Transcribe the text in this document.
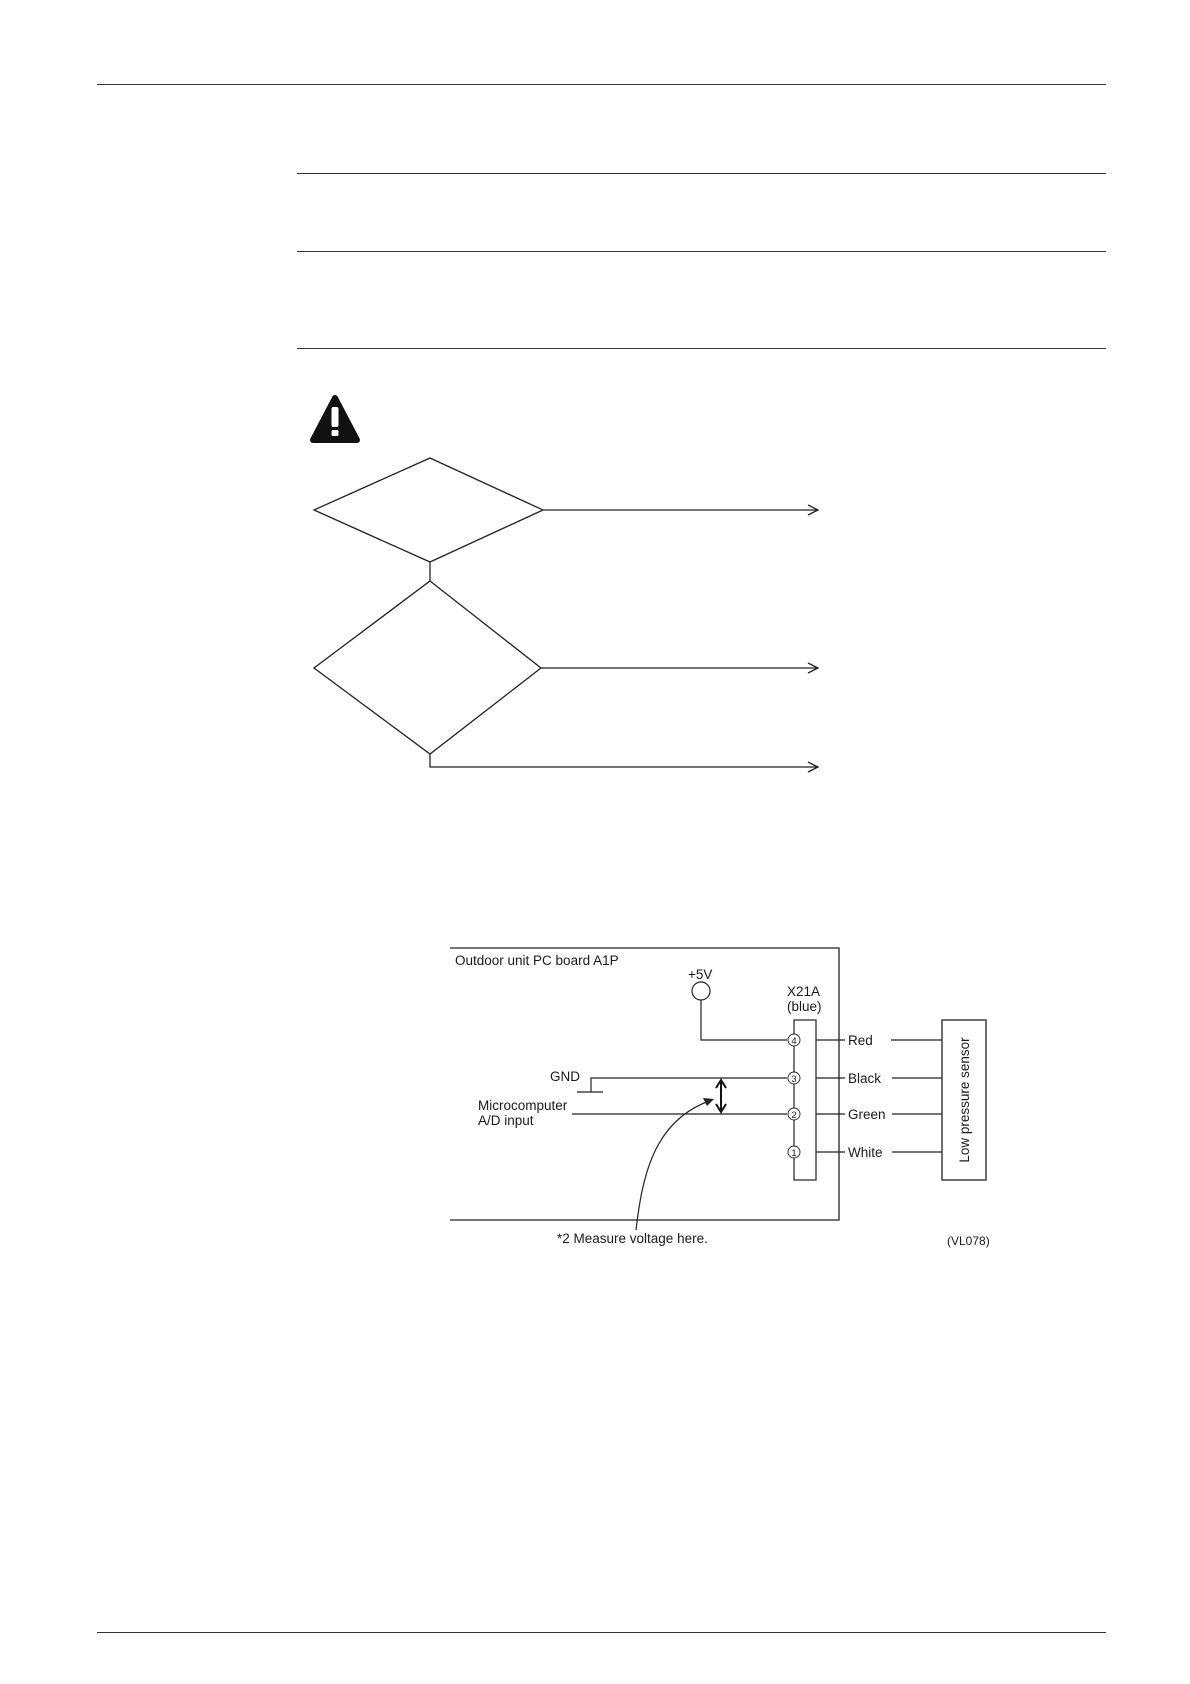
Outdoor unit PC board A1P
+5V
X21A
(blue)
4
3
2
1
GND
Microcomputer
A/D input
Red
Black
Green
White	Low pressure sensor
*2 Measure voltage here.	(VL078)
